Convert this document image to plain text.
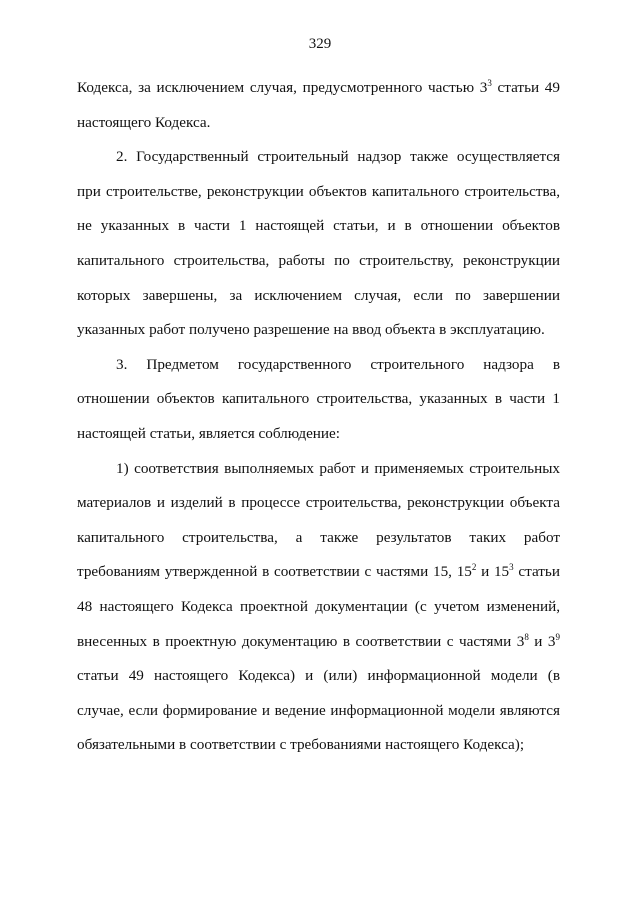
329

Кодекса, за исключением случая, предусмотренного частью $3^3$ статьи 49 настоящего Кодекса.

2. Государственный строительный надзор также осуществляется при строительстве, реконструкции объектов капитального строительства, не указанных в части 1 настоящей статьи, и в отношении объектов капитального строительства, работы по строительству, реконструкции которых завершены, за исключением случая, если по завершении указанных работ получено разрешение на ввод объекта в эксплуатацию.

3. Предметом государственного строительного надзора в отношении объектов капитального строительства, указанных в части 1 настоящей статьи, является соблюдение:

1) соответствия выполняемых работ и применяемых строительных материалов и изделий в процессе строительства, реконструкции объекта капитального строительства, а также результатов таких работ требованиям утвержденной в соответствии с частями 15, $15^2$ и $15^3$ статьи 48 настоящего Кодекса проектной документации (с учетом изменений, внесенных в проектную документацию в соответствии с частями $3^8$ и $3^9$ статьи 49 настоящего Кодекса) и (или) информационной модели (в случае, если формирование и ведение информационной модели являются обязательными в соответствии с требованиями настоящего Кодекса);
